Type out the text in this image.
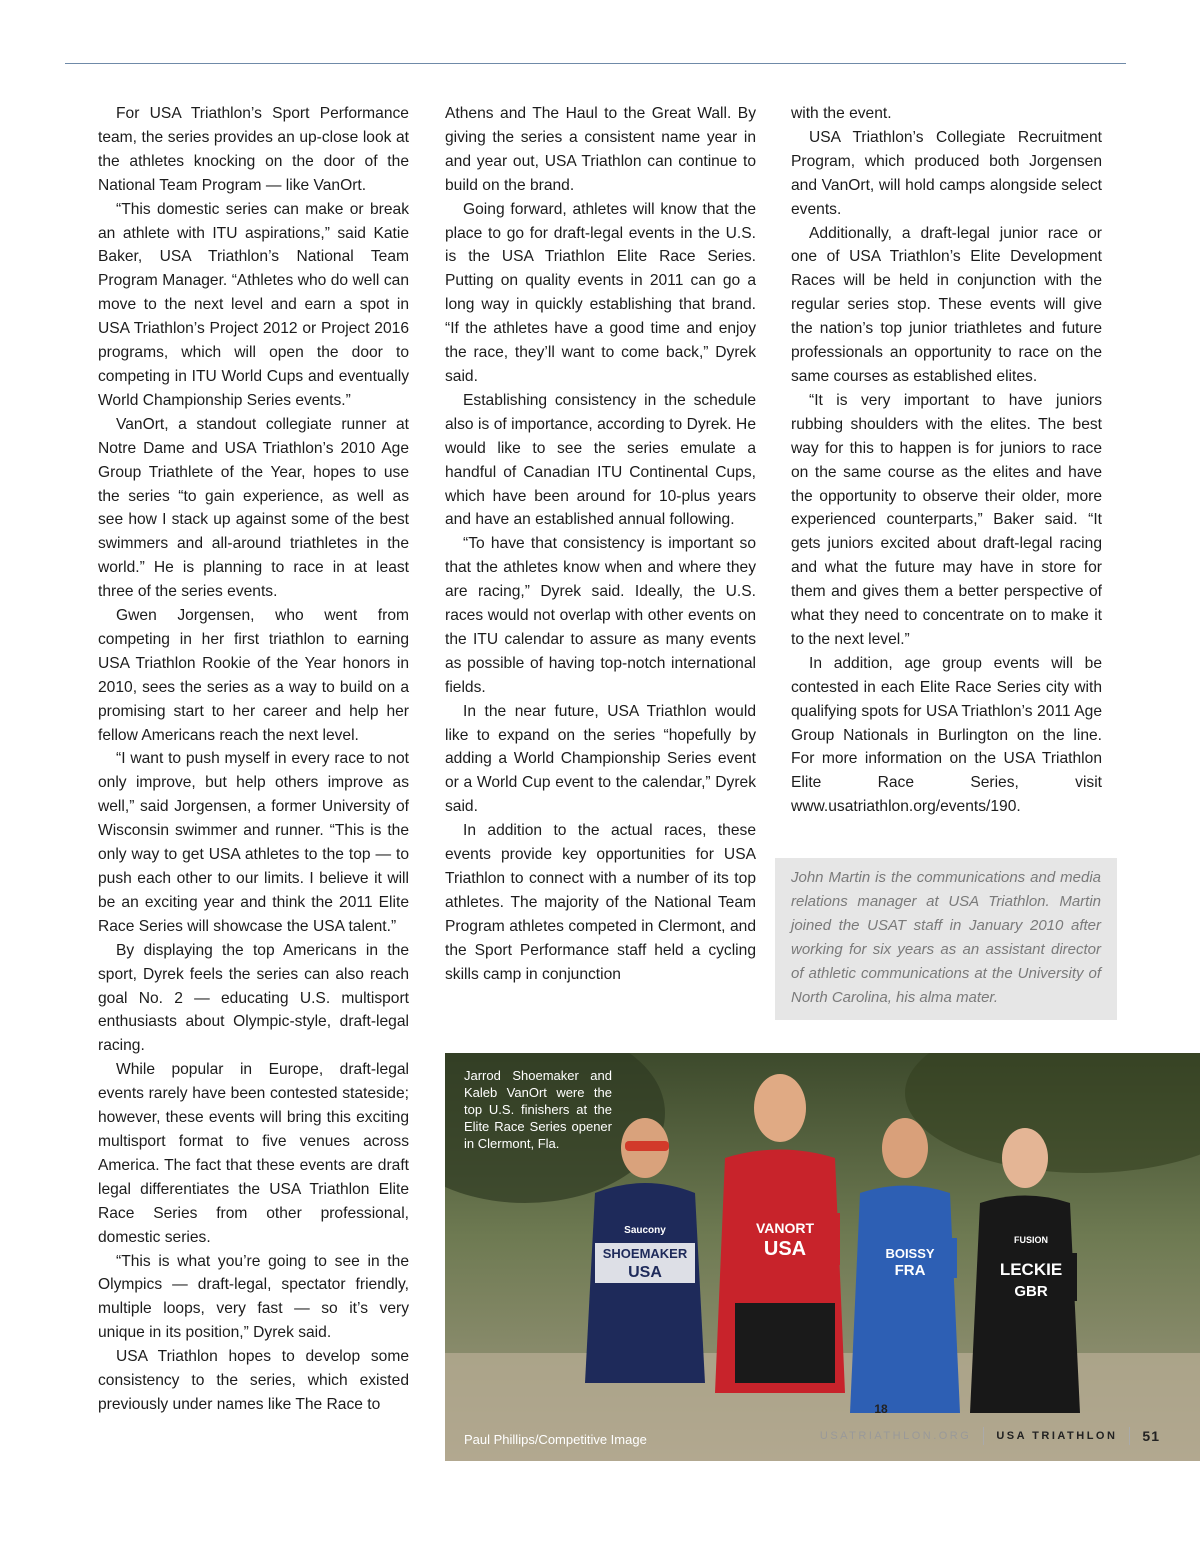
For USA Triathlon’s Sport Performance team, the series provides an up-close look at the athletes knocking on the door of the National Team Program — like VanOrt.

“This domestic series can make or break an athlete with ITU aspirations,” said Katie Baker, USA Triathlon’s National Team Program Manager. “Athletes who do well can move to the next level and earn a spot in USA Triathlon’s Project 2012 or Project 2016 programs, which will open the door to competing in ITU World Cups and eventually World Championship Series events.”

VanOrt, a standout collegiate runner at Notre Dame and USA Triathlon’s 2010 Age Group Triathlete of the Year, hopes to use the series “to gain experience, as well as see how I stack up against some of the best swimmers and all-around triathletes in the world.” He is planning to race in at least three of the series events.

Gwen Jorgensen, who went from competing in her first triathlon to earning USA Triathlon Rookie of the Year honors in 2010, sees the series as a way to build on a promising start to her career and help her fellow Americans reach the next level.

“I want to push myself in every race to not only improve, but help others improve as well,” said Jorgensen, a former University of Wisconsin swimmer and runner. “This is the only way to get USA athletes to the top — to push each other to our limits. I believe it will be an exciting year and think the 2011 Elite Race Series will showcase the USA talent.”

By displaying the top Americans in the sport, Dyrek feels the series can also reach goal No. 2 — educating U.S. multisport enthusiasts about Olympic-style, draft-legal racing.

While popular in Europe, draft-legal events rarely have been contested stateside; however, these events will bring this exciting multisport format to five venues across America. The fact that these events are draft legal differentiates the USA Triathlon Elite Race Series from other professional, domestic series.

“This is what you’re going to see in the Olympics — draft-legal, spectator friendly, multiple loops, very fast — so it’s very unique in its position,” Dyrek said.

USA Triathlon hopes to develop some consistency to the series, which existed previously under names like The Race to

Athens and The Haul to the Great Wall. By giving the series a consistent name year in and year out, USA Triathlon can continue to build on the brand.

Going forward, athletes will know that the place to go for draft-legal events in the U.S. is the USA Triathlon Elite Race Series. Putting on quality events in 2011 can go a long way in quickly establishing that brand. “If the athletes have a good time and enjoy the race, they’ll want to come back,” Dyrek said.

Establishing consistency in the schedule also is of importance, according to Dyrek. He would like to see the series emulate a handful of Canadian ITU Continental Cups, which have been around for 10-plus years and have an established annual following.

“To have that consistency is important so that the athletes know when and where they are racing,” Dyrek said. Ideally, the U.S. races would not overlap with other events on the ITU calendar to assure as many events as possible of having top-notch international fields.

In the near future, USA Triathlon would like to expand on the series “hopefully by adding a World Championship Series event or a World Cup event to the calendar,” Dyrek said.

In addition to the actual races, these events provide key opportunities for USA Triathlon to connect with a number of its top athletes. The majority of the National Team Program athletes competed in Clermont, and the Sport Performance staff held a cycling skills camp in conjunction

with the event.

USA Triathlon’s Collegiate Recruitment Program, which produced both Jorgensen and VanOrt, will hold camps alongside select events.

Additionally, a draft-legal junior race or one of USA Triathlon’s Elite Development Races will be held in conjunction with the regular series stop. These events will give the nation’s top junior triathletes and future professionals an opportunity to race on the same courses as established elites.

“It is very important to have juniors rubbing shoulders with the elites. The best way for this to happen is for juniors to race on the same course as the elites and have the opportunity to observe their older, more experienced counterparts,” Baker said. “It gets juniors excited about draft-legal racing and what the future may have in store for them and gives them a better perspective of what they need to concentrate on to make it to the next level.”

In addition, age group events will be contested in each Elite Race Series city with qualifying spots for USA Triathlon’s 2011 Age Group Nationals in Burlington on the line. For more information on the USA Triathlon Elite Race Series, visit www.usatriathlon.org/events/190.

John Martin is the communications and media relations manager at USA Triathlon. Martin joined the USAT staff in January 2010 after working for six years as an assistant director of athletic communications at the University of North Carolina, his alma mater.

Saucony
SHOEMAKER
USA
VANORT
USA	BOISSY
FRA
FUSION
LECKIE
GBR
18
Jarrod Shoemaker and Kaleb VanOrt were the top U.S. finishers at the Elite Race Series opener in Clermont, Fla.
Paul Phillips/Competitive Image	USATRIATHLON.ORG USA TRIATHLON 51
